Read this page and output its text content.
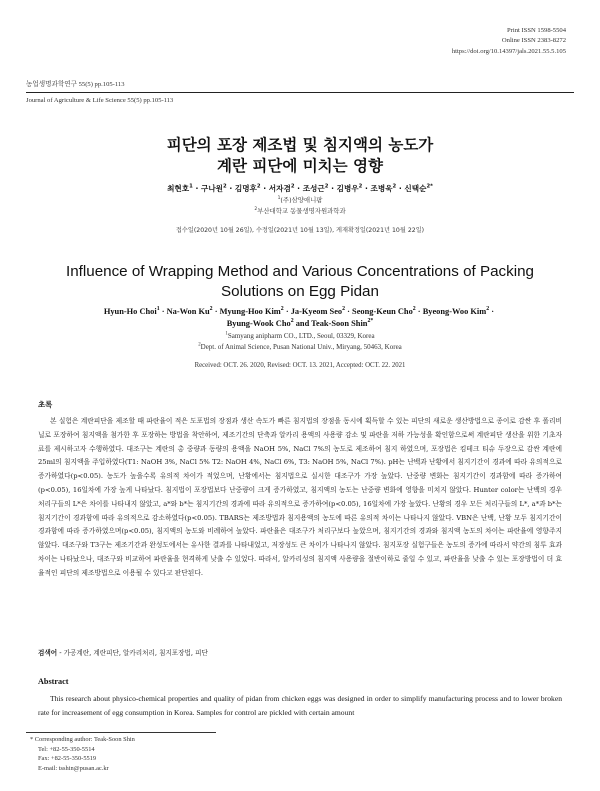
Print ISSN 1598-5504
Online ISSN 2383-8272
https://doi.org/10.14397/jals.2021.55.5.105
농업생명과학연구 55(5) pp.105-113
Journal of Agriculture & Life Science 55(5) pp.105-113
피단의 포장 제조법 및 침지액의 농도가
계란 피단에 미치는 영향
최현호$^1$ · 구나원$^2$ · 김명후$^2$ · 서자겸$^2$ · 조성근$^2$ · 김병우$^2$ · 조병욱$^2$ · 신택순$^{2*}$
$^1$(주)삼양애니팜
$^2$부산대학교 동물생명자원과학과
접수일(2020년 10월 26일), 수정일(2021년 10월 13일), 게재확정일(2021년 10월 22일)
Influence of Wrapping Method and Various Concentrations of Packing
Solutions on Egg Pidan
Hyun-Ho Choi$^1$ · Na-Won $Ku^2$ · Myung-Hoo Kim$^2$ · Ja-Kyeom Seo$^2$ · Seong-Keun Cho$^2$ · Byeong-Woo Kim$^2$ ·
Byung-Wook Cho$^2$ and Teak-Soon Shin$^{2*}$
$^1$Samyang anipharm CO., LTD., Seoul, 03329, Korea
$^2$Dept. of Animal Science, Pusan National Univ., Miryang, 50463, Korea
Received: OCT. 26. 2020, Revised: OCT. 13. 2021, Accepted: OCT. 22. 2021
초록

본 실험은 계란피단을 제조할 때 파란율이 적은 도포법의 장점과 생산 속도가 빠른 침지법의 장점을 동시에 획득할 수 있는 피단의 새로운 생산방법으로 종이로 감싼 후 폴리비닐로 포장하여 침지액을 첨가한 후 포장하는 방법을 착안하여, 제조기간의 단축과 알카리 용액의 사용량 감소 및 파란을 저하 가능성을 확인함으로써 계란피단 생산을 위한 기초자료를 제시하고자 수행하였다. 대조구는 계란의 총 중량과 동량의 용액을 NaOH 5%, NaCl 7%의 농도로 제조하여 침지 하였으며, 포장법은 킴테크 티슈 두장으로 감싼 계란에 25ml의 침지액을 주입하였다(T1: NaOH 3%, NaCl 5% T2: NaOH 4%, NaCl 6%, T3: NaOH 5%, NaCl 7%). pH는 난백과 난황에서 침지기간이 경과에 따라 유의적으로 증가하였다(p<0.05). 농도가 높을수록 유의적 차이가 적었으며, 난황에서는 침지법으로 실시한 대조구가 가장 높았다. 난중량 변화는 침지기간이 경과함에 따라 증가하여(p<0.05), 16일차에 가장 높게 나타났다. 침지법이 포장법보다 난중량이 크게 증가하였고, 침지액의 농도는 난중량 변화에 영향을 미치지 않았다. Hunter color는 난백의 경우 처리구들의 L*은 차이를 나타내지 않았고, a*와 b*는 침지기간의 경과에 따라 유의적으로 증가하여(p<0.05), 16일차에 가장 높았다. 난황의 경우 모든 처리구들의 L*, a*과 b*는 침지기간이 경과함에 따라 유의적으로 감소하였다(p<0.05). TBARS는 제조방법과 침지용액의 농도에 따른 유의적 차이는 나타나지 않았다. VBN은 난백, 난황 모두 침지기간이 경과함에 따라 증가하였으며(p<0.05), 침지액의 농도와 비례하여 높았다. 파란율은 대조구가 처리구보다 높았으며, 침지기간의 경과와 침지액 농도의 차이는 파란율에 영향주지 않았다. 대조구와 T3구는 제조기간과 완성도에서는 유사한 결과를 나타내었고, 저장성도 큰 차이가 나타나지 않았다. 침지포장 실험구들은 농도의 증가에 따라서 약간의 침투 효과 차이는 나타났으나, 대조구와 비교하여 파란율을 현격하게 낮출 수 있었다. 따라서, 알카리성의 침지액 사용량을 절반이하로 줄일 수 있고, 파란율을 낮출 수 있는 포장방법이 더 효율적인 피단의 제조방법으로 이용될 수 있다고 판단된다.

검색어 - 가공계란, 계란피단, 알카리처리, 침지포장법, 피단
Abstract

This research about physico-chemical properties and quality of pidan from chicken eggs was designed in order to simplify manufacturing process and to lower broken rate for increasement of egg consumption in Korea. Samples for control are pickled with certain amount

* Corresponding author: Teak-Soon Shin
Tel: +82-55-350-5514
Fax: +82-55-350-5519
E-mail: tsshin@pusan.ac.kr
